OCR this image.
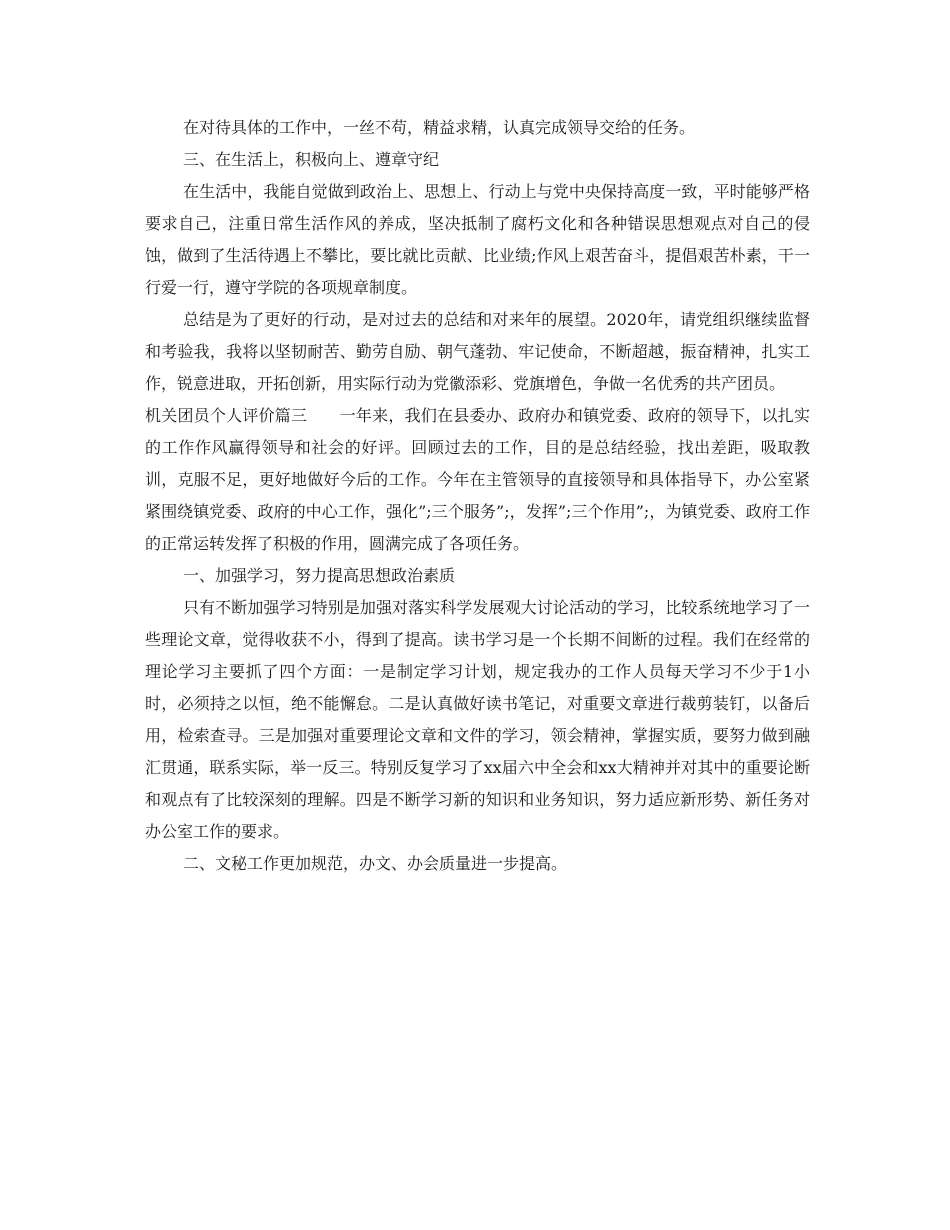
在对待具体的工作中，一丝不苟，精益求精，认真完成领导交给的任务。

三、在生活上，积极向上、遵章守纪

在生活中，我能自觉做到政治上、思想上、行动上与党中央保持高度一致，平时能够严格要求自己，注重日常生活作风的养成，坚决抵制了腐朽文化和各种错误思想观点对自己的侵蚀，做到了生活待遇上不攀比，要比就比贡献、比业绩;作风上艰苦奋斗，提倡艰苦朴素，干一行爱一行，遵守学院的各项规章制度。

总结是为了更好的行动，是对过去的总结和对来年的展望。2020年，请党组织继续监督和考验我，我将以坚韧耐苦、勤劳自励、朝气蓬勃、牢记使命，不断超越，振奋精神，扎实工作，锐意进取，开拓创新，用实际行动为党徽添彩、党旗增色，争做一名优秀的共产团员。

机关团员个人评价篇三　　一年来，我们在县委办、政府办和镇党委、政府的领导下，以扎实的工作作风赢得领导和社会的好评。回顾过去的工作，目的是总结经验，找出差距，吸取教训，克服不足，更好地做好今后的工作。今年在主管领导的直接领导和具体指导下，办公室紧紧围绕镇党委、政府的中心工作，强化”;三个服务”;，发挥”;三个作用”;，为镇党委、政府工作的正常运转发挥了积极的作用，圆满完成了各项任务。

一、加强学习，努力提高思想政治素质

只有不断加强学习特别是加强对落实科学发展观大讨论活动的学习，比较系统地学习了一些理论文章，觉得收获不小，得到了提高。读书学习是一个长期不间断的过程。我们在经常的理论学习主要抓了四个方面：一是制定学习计划，规定我办的工作人员每天学习不少于1小时，必须持之以恒，绝不能懈怠。二是认真做好读书笔记，对重要文章进行裁剪装钉，以备后用，检索查寻。三是加强对重要理论文章和文件的学习，领会精神，掌握实质，要努力做到融汇贯通，联系实际，举一反三。特别反复学习了xx届六中全会和xx大精神并对其中的重要论断和观点有了比较深刻的理解。四是不断学习新的知识和业务知识，努力适应新形势、新任务对办公室工作的要求。

二、文秘工作更加规范，办文、办会质量进一步提高。
